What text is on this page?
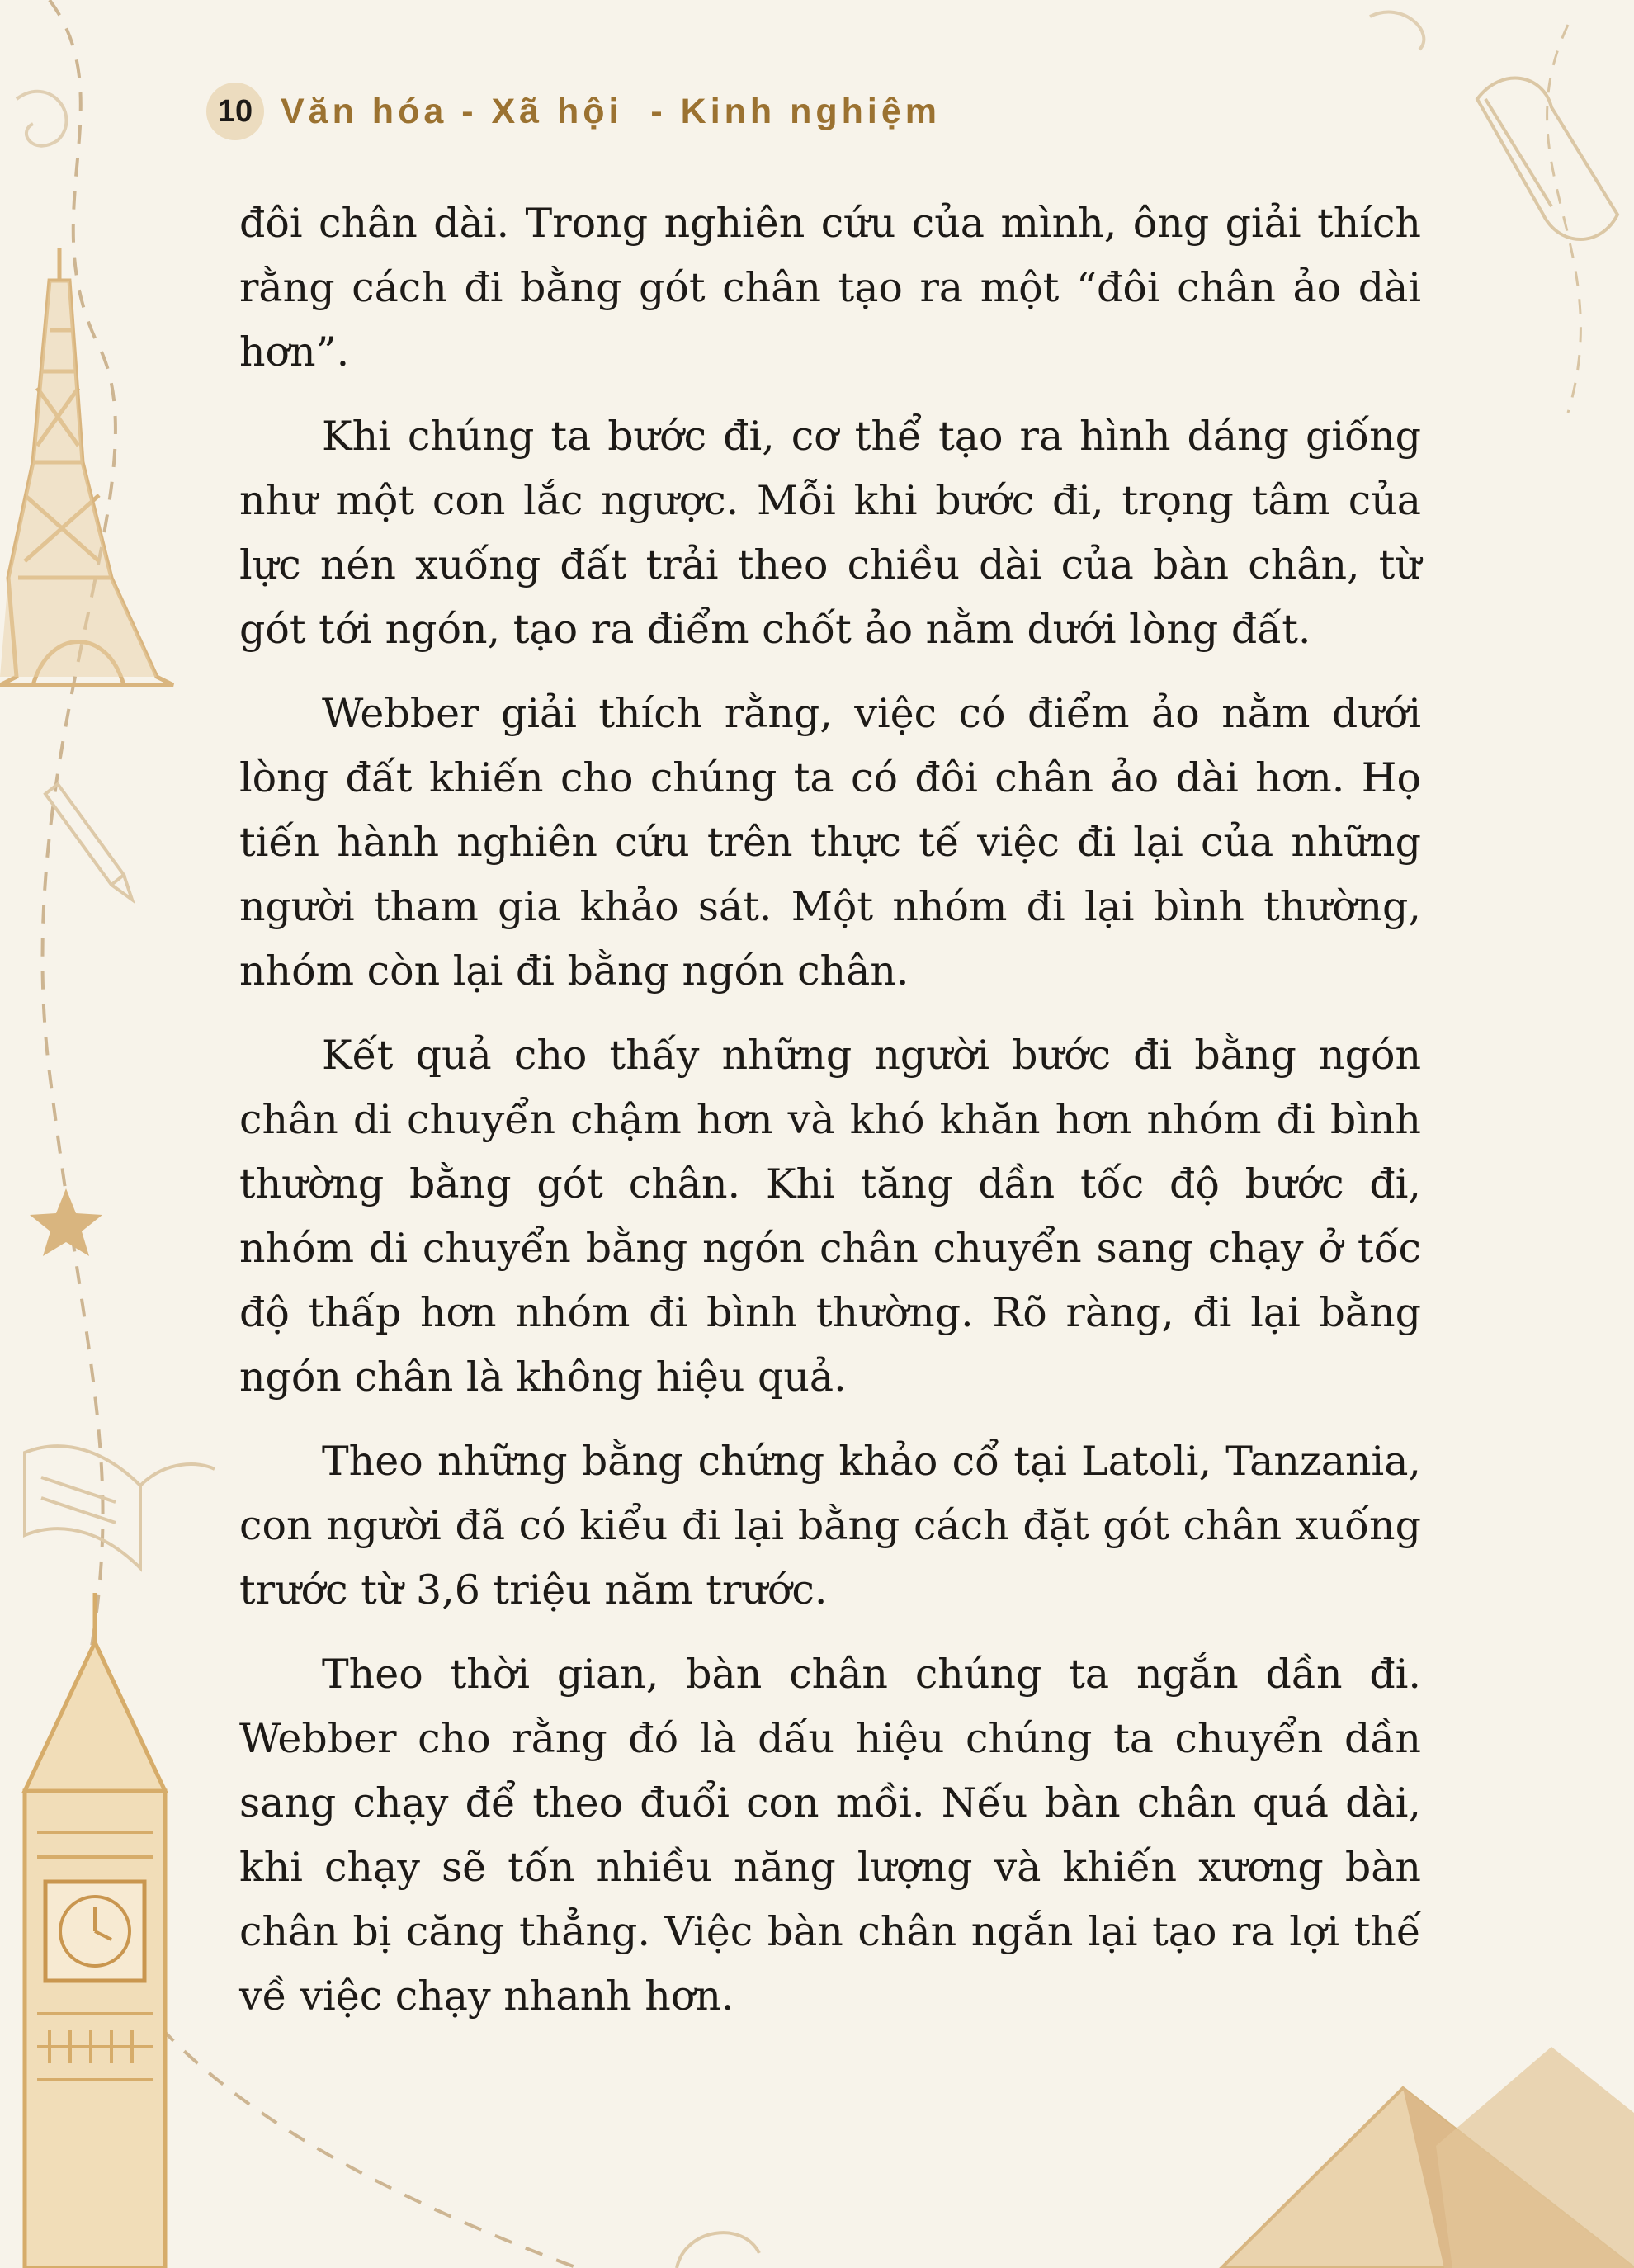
10 Văn hóa - Xã hội  - Kinh nghiệm

đôi chân dài. Trong nghiên cứu của mình, ông giải thích rằng cách đi bằng gót chân tạo ra một “đôi chân ảo dài hơn”.

Khi chúng ta bước đi, cơ thể tạo ra hình dáng giống như một con lắc ngược. Mỗi khi bước đi, trọng tâm của lực nén xuống đất trải theo chiều dài của bàn chân, từ gót tới ngón, tạo ra điểm chốt ảo nằm dưới lòng đất.

Webber giải thích rằng, việc có điểm ảo nằm dưới lòng đất khiến cho chúng ta có đôi chân ảo dài hơn. Họ tiến hành nghiên cứu trên thực tế việc đi lại của những người tham gia khảo sát. Một nhóm đi lại bình thường, nhóm còn lại đi bằng ngón chân.

Kết quả cho thấy những người bước đi bằng ngón chân di chuyển chậm hơn và khó khăn hơn nhóm đi bình thường bằng gót chân. Khi tăng dần tốc độ bước đi, nhóm di chuyển bằng ngón chân chuyển sang chạy ở tốc độ thấp hơn nhóm đi bình thường. Rõ ràng, đi lại bằng ngón chân là không hiệu quả.

Theo những bằng chứng khảo cổ tại Latoli, Tanzania, con người đã có kiểu đi lại bằng cách đặt gót chân xuống trước từ 3,6 triệu năm trước.

Theo thời gian, bàn chân chúng ta ngắn dần đi. Webber cho rằng đó là dấu hiệu chúng ta chuyển dần sang chạy để theo đuổi con mồi. Nếu bàn chân quá dài, khi chạy sẽ tốn nhiều năng lượng và khiến xương bàn chân bị căng thẳng. Việc bàn chân ngắn lại tạo ra lợi thế về việc chạy nhanh hơn.
